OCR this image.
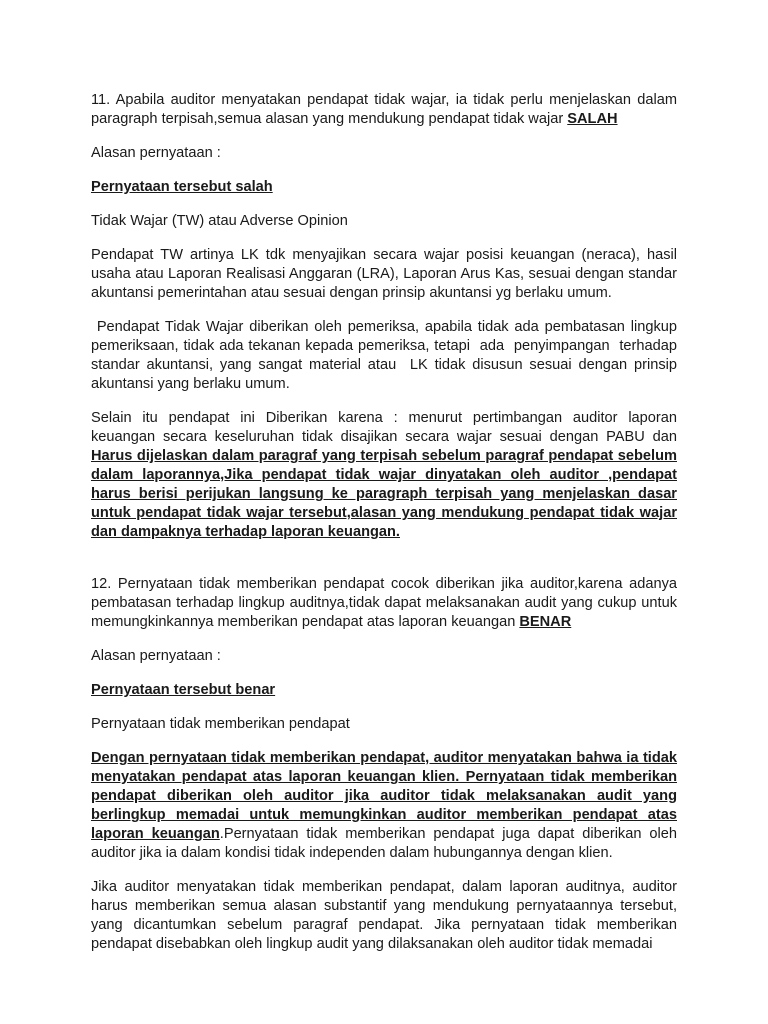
11. Apabila auditor menyatakan pendapat tidak wajar, ia tidak perlu menjelaskan dalam paragraph terpisah,semua alasan yang mendukung pendapat tidak wajar SALAH

Alasan pernyataan :

Pernyataan tersebut salah

Tidak Wajar (TW) atau Adverse Opinion

Pendapat TW artinya LK tdk menyajikan secara wajar posisi keuangan (neraca), hasil usaha atau Laporan Realisasi Anggaran (LRA), Laporan Arus Kas, sesuai dengan standar akuntansi pemerintahan atau sesuai dengan prinsip akuntansi yg berlaku umum.

Pendapat Tidak Wajar diberikan oleh pemeriksa, apabila tidak ada pembatasan lingkup pemeriksaan, tidak ada tekanan kepada pemeriksa, tetapi  ada  penyimpangan  terhadap standar akuntansi, yang sangat material atau  LK tidak disusun sesuai dengan prinsip akuntansi yang berlaku umum.

Selain itu pendapat ini Diberikan karena : menurut pertimbangan auditor laporan keuangan secara keseluruhan tidak disajikan secara wajar sesuai dengan PABU dan Harus dijelaskan dalam paragraf yang terpisah sebelum paragraf pendapat sebelum dalam laporannya,Jika pendapat tidak wajar dinyatakan oleh auditor ,pendapat harus berisi perijukan langsung ke paragraph terpisah yang menjelaskan dasar untuk pendapat tidak wajar tersebut,alasan yang mendukung pendapat tidak wajar dan dampaknya terhadap laporan keuangan.

12. Pernyataan tidak memberikan pendapat cocok diberikan jika auditor,karena adanya pembatasan terhadap lingkup auditnya,tidak dapat melaksanakan audit yang cukup untuk memungkinkannya memberikan pendapat atas laporan keuangan BENAR

Alasan pernyataan :

Pernyataan tersebut benar

Pernyataan tidak memberikan pendapat

Dengan pernyataan tidak memberikan pendapat, auditor menyatakan bahwa ia tidak menyatakan pendapat atas laporan keuangan klien. Pernyataan tidak memberikan pendapat diberikan oleh auditor jika auditor tidak melaksanakan audit yang berlingkup memadai untuk memungkinkan auditor memberikan pendapat atas laporan keuangan.Pernyataan tidak memberikan pendapat juga dapat diberikan oleh auditor jika ia dalam kondisi tidak independen dalam hubungannya dengan klien.

Jika auditor menyatakan tidak memberikan pendapat, dalam laporan auditnya, auditor harus memberikan semua alasan substantif yang mendukung pernyataannya tersebut, yang dicantumkan sebelum paragraf pendapat. Jika pernyataan tidak memberikan pendapat disebabkan oleh lingkup audit yang dilaksanakan oleh auditor tidak memadai
